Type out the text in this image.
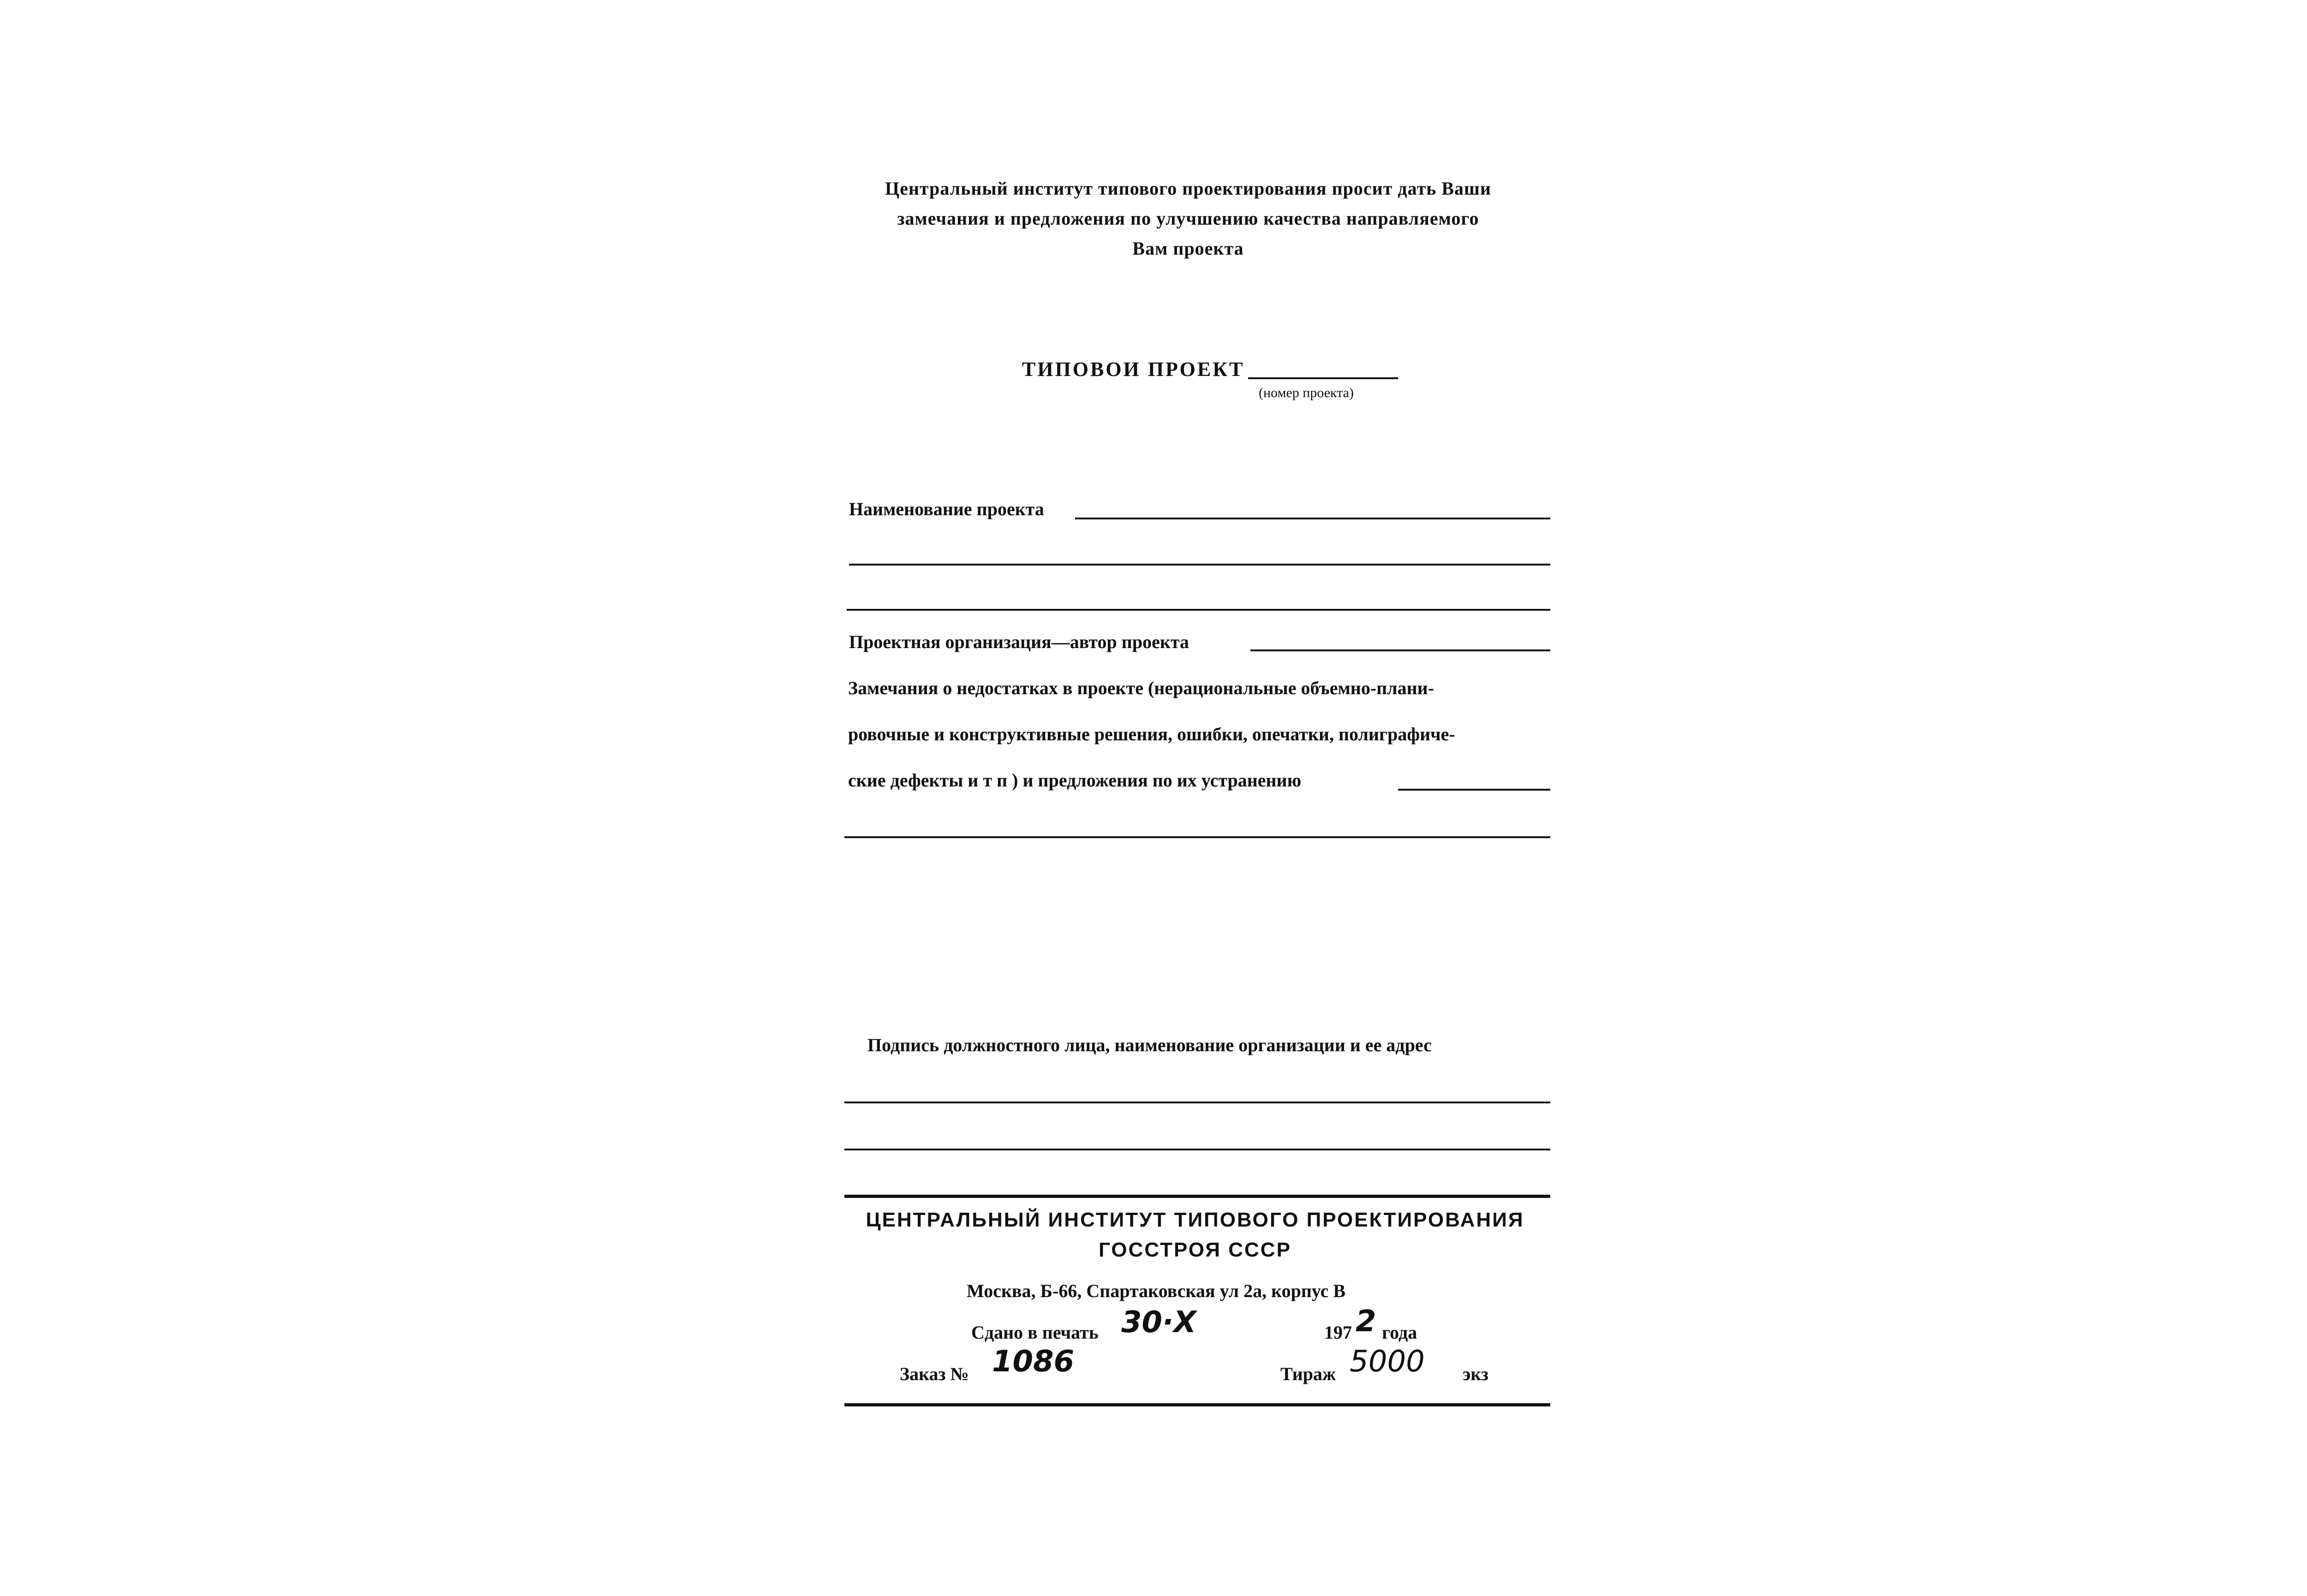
Центральный институт типового проектирования просит дать Ваши
замечания и предложения по улучшению качества направляемого
Вам проекта
ТИПОВОИ ПРОЕКТ
(номер проекта)
Наименование проекта
Проектная организация—автор проекта
Замечания о недостатках в проекте (нерациональные объемно-плани-
ровочные и конструктивные решения, ошибки, опечатки, полиграфиче-
ские дефекты и т п ) и предложения по их устранению
Подпись должностного лица, наименование организации и ее адрес
ЦЕНТРАЛЬНЫЙ ИНСТИТУТ ТИПОВОГО ПРОЕКТИРОВАНИЯ
ГОССТРОЯ СССР
Москва, Б-66, Спартаковская ул 2а, корпус В
Сдано в печать 30·X	197 2 года
Заказ № 1086	Тираж 5000 экз
